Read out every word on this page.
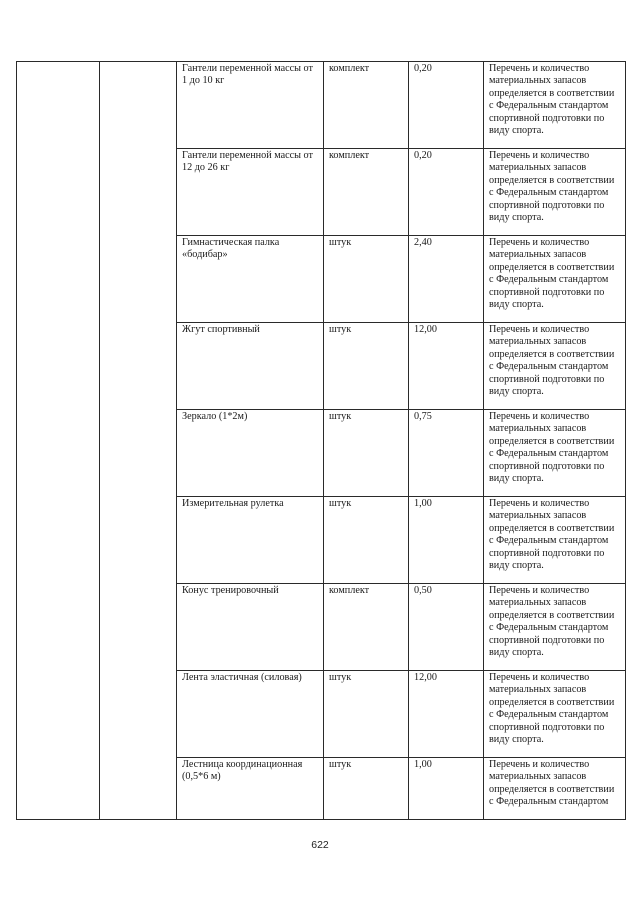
		Гантели переменной массы от 1 до 10 кг	комплект	0,20	Перечень и количество материальных запасов определяется в соответствии с Федеральным стандартом спортивной подготовки по виду спорта.
		Гантели переменной массы от 12 до 26 кг	комплект	0,20	Перечень и количество материальных запасов определяется в соответствии с Федеральным стандартом спортивной подготовки по виду спорта.
		Гимнастическая палка «бодибар»	штук	2,40	Перечень и количество материальных запасов определяется в соответствии с Федеральным стандартом спортивной подготовки по виду спорта.
		Жгут спортивный	штук	12,00	Перечень и количество материальных запасов определяется в соответствии с Федеральным стандартом спортивной подготовки по виду спорта.
		Зеркало (1*2м)	штук	0,75	Перечень и количество материальных запасов определяется в соответствии с Федеральным стандартом спортивной подготовки по виду спорта.
		Измерительная рулетка	штук	1,00	Перечень и количество материальных запасов определяется в соответствии с Федеральным стандартом спортивной подготовки по виду спорта.
		Конус тренировочный	комплект	0,50	Перечень и количество материальных запасов определяется в соответствии с Федеральным стандартом спортивной подготовки по виду спорта.
		Лента эластичная (силовая)	штук	12,00	Перечень и количество материальных запасов определяется в соответствии с Федеральным стандартом спортивной подготовки по виду спорта.
		Лестница координационная (0,5*6 м)	штук	1,00	Перечень и количество материальных запасов определяется в соответствии с Федеральным стандартом
622
